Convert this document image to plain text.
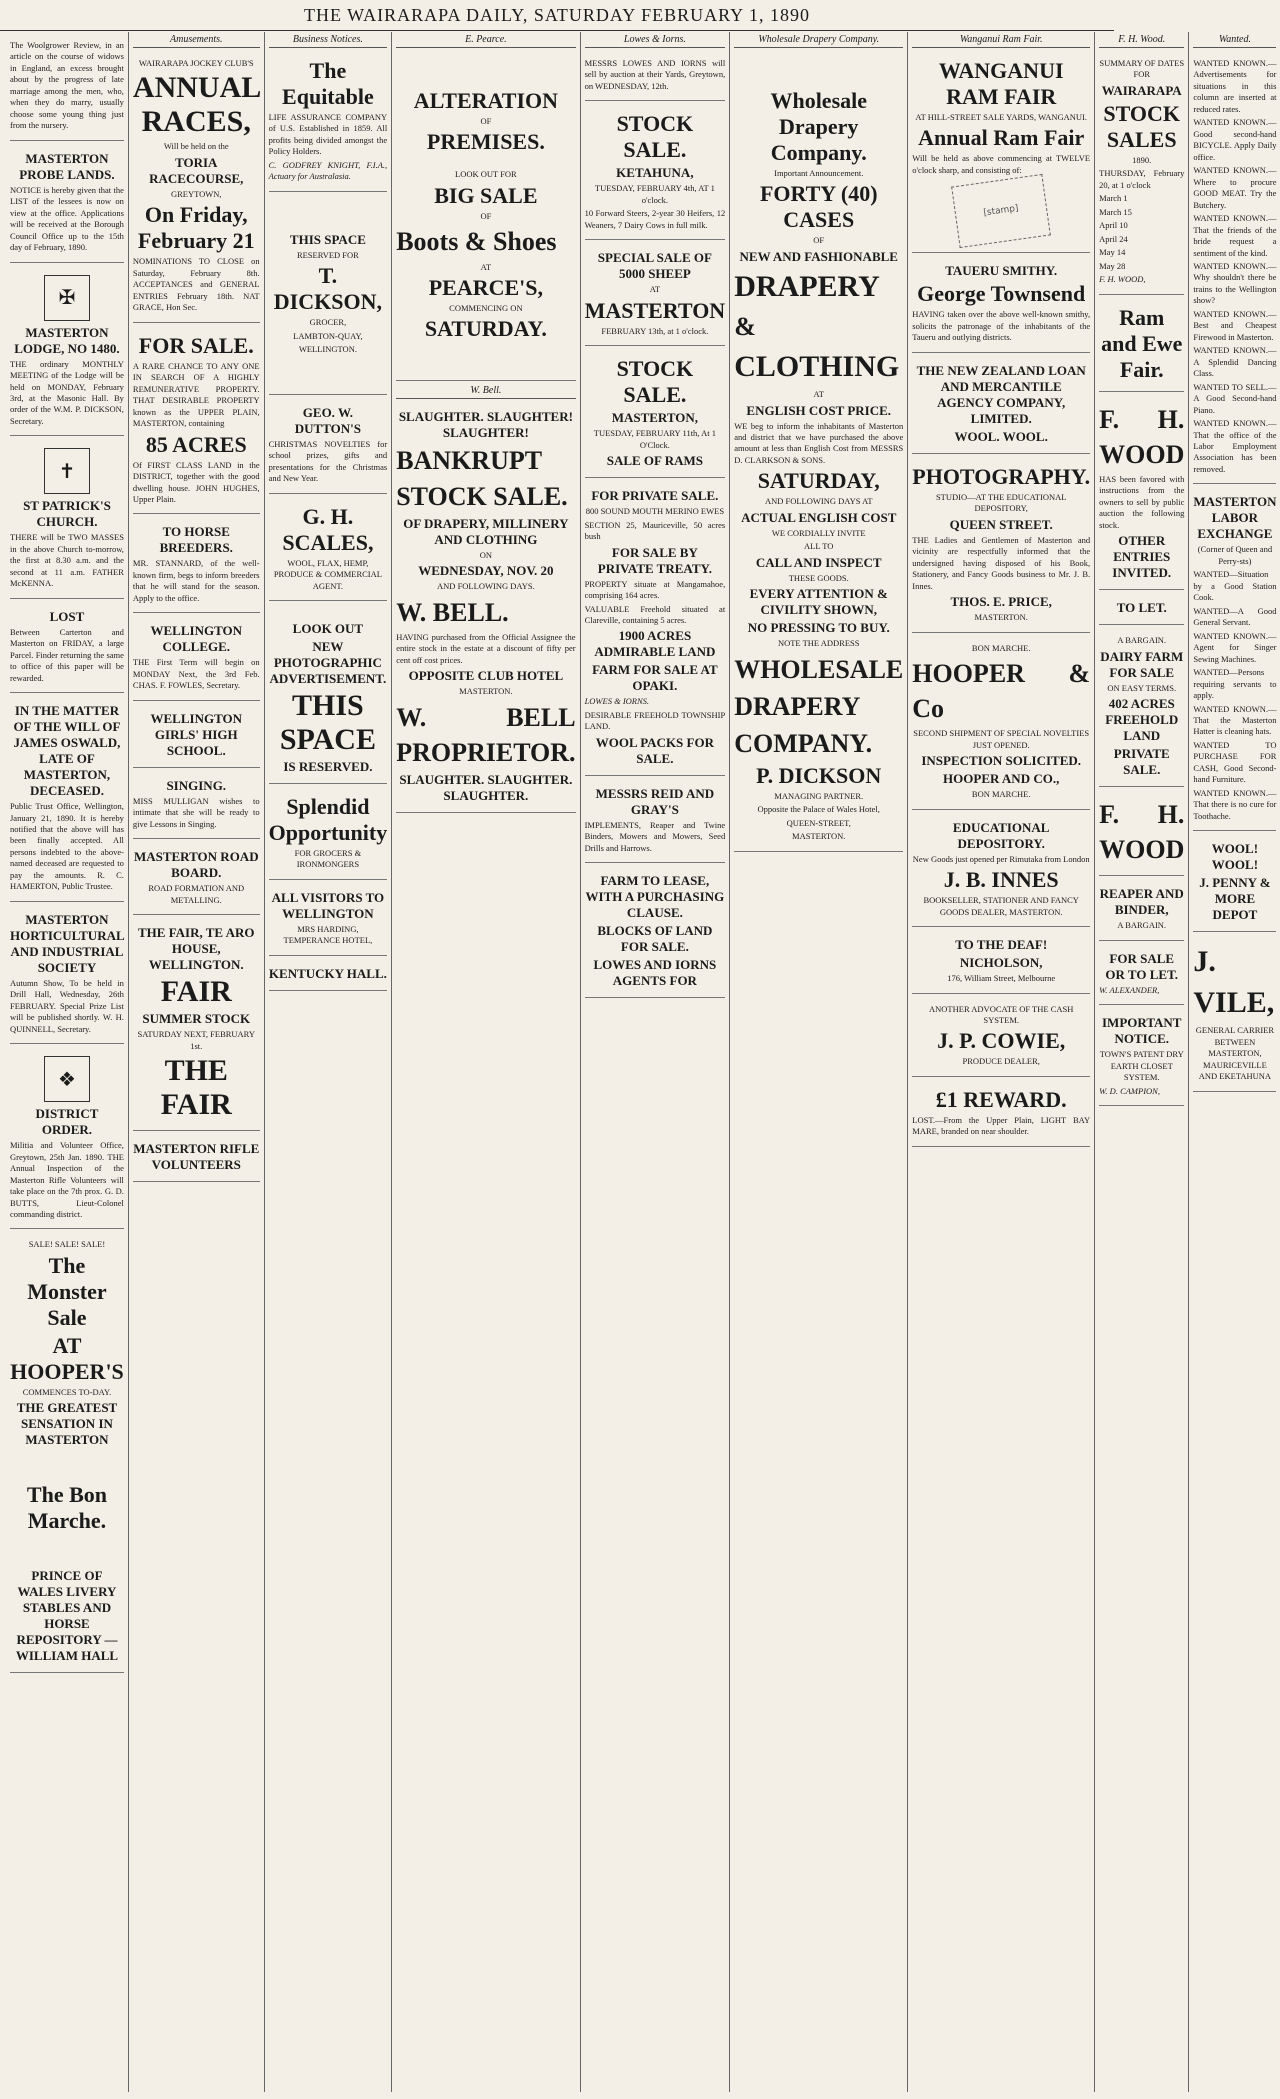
THE WAIRARAPA DAILY, SATURDAY FEBRUARY 1, 1890

The Woolgrower Review, in an article on the course of widows in England, an excess brought about by the progress of late marriage among the men, who, when they do marry, usually choose some young thing just from the nursery.

MASTERTON PROBE LANDS.

NOTICE is hereby given that the LIST of the lessees is now on view at the office. Applications will be received at the Borough Council Office up to the 15th day of February, 1890.

✠
MASTERTON LODGE, NO 1480.

THE ordinary MONTHLY MEETING of the Lodge will be held on MONDAY, February 3rd, at the Masonic Hall. By order of the W.M. P. DICKSON, Secretary.

✝
ST PATRICK'S CHURCH.

THERE will be TWO MASSES in the above Church to-morrow, the first at 8.30 a.m. and the second at 11 a.m. FATHER McKENNA.

LOST

Between Carterton and Masterton on FRIDAY, a large Parcel. Finder returning the same to office of this paper will be rewarded.

IN THE MATTER OF THE WILL OF JAMES OSWALD, LATE OF MASTERTON, DECEASED.

Public Trust Office, Wellington, January 21, 1890. It is hereby notified that the above will has been finally accepted. All persons indebted to the above-named deceased are requested to pay the amounts. R. C. HAMERTON, Public Trustee.

MASTERTON HORTICULTURAL AND INDUSTRIAL SOCIETY

Autumn Show, To be held in Drill Hall, Wednesday, 26th FEBRUARY. Special Prize List will be published shortly. W. H. QUINNELL, Secretary.

❖
DISTRICT ORDER.

Militia and Volunteer Office, Greytown, 25th Jan. 1890. THE Annual Inspection of the Masterton Rifle Volunteers will take place on the 7th prox. G. D. BUTTS, Lieut-Colonel commanding district.

SALE! SALE! SALE!

The Monster Sale
AT HOOPER'S

COMMENCES TO-DAY.

THE GREATEST SENSATION IN MASTERTON
The Bon Marche.
PRINCE OF WALES LIVERY STABLES AND HORSE REPOSITORY — WILLIAM HALL
Amusements.

WAIRARAPA JOCKEY CLUB'S

ANNUAL RACES,

Will be held on the

TORIA RACECOURSE,

GREYTOWN,

On Friday, February 21

NOMINATIONS TO CLOSE on Saturday, February 8th. ACCEPTANCES and GENERAL ENTRIES February 18th. NAT GRACE, Hon Sec.

FOR SALE.

A RARE CHANCE TO ANY ONE IN SEARCH OF A HIGHLY REMUNERATIVE PROPERTY. THAT DESIRABLE PROPERTY known as the UPPER PLAIN, MASTERTON, containing

85 ACRES

Of FIRST CLASS LAND in the DISTRICT, together with the good dwelling house. JOHN HUGHES, Upper Plain.

TO HORSE BREEDERS.

MR. STANNARD, of the well-known firm, begs to inform breeders that he will stand for the season. Apply to the office.

WELLINGTON COLLEGE.

THE First Term will begin on MONDAY Next, the 3rd Feb. CHAS. F. FOWLES, Secretary.

WELLINGTON GIRLS' HIGH SCHOOL.
SINGING.

MISS MULLIGAN wishes to intimate that she will be ready to give Lessons in Singing.

MASTERTON ROAD BOARD.

ROAD FORMATION AND METALLING.

THE FAIR, TE ARO HOUSE, WELLINGTON.
FAIR
SUMMER STOCK

SATURDAY NEXT, FEBRUARY 1st.

THE FAIR
MASTERTON RIFLE VOLUNTEERS
Business Notices.
The Equitable

LIFE ASSURANCE COMPANY of U.S. Established in 1859. All profits being divided amongst the Policy Holders.

C. GODFREY KNIGHT, F.I.A., Actuary for Australasia.

THIS SPACE

RESERVED FOR

T. DICKSON,

GROCER,

LAMBTON-QUAY,

WELLINGTON.

GEO. W. DUTTON'S

CHRISTMAS NOVELTIES for school prizes, gifts and presentations for the Christmas and New Year.

G. H. SCALES,

WOOL, FLAX, HEMP, PRODUCE & COMMERCIAL AGENT.

LOOK OUT
NEW PHOTOGRAPHIC ADVERTISEMENT.
THIS SPACE
IS RESERVED.
Splendid Opportunity

FOR GROCERS & IRONMONGERS

ALL VISITORS TO WELLINGTON

MRS HARDING, TEMPERANCE HOTEL,

KENTUCKY HALL.
E. Pearce.
ALTERATION

OF

PREMISES.

LOOK OUT FOR

BIG SALE

OF

Boots & Shoes

AT

PEARCE'S,

COMMENCING ON

SATURDAY.
W. Bell.
SLAUGHTER. SLAUGHTER! SLAUGHTER!

BANKRUPT STOCK SALE.

OF DRAPERY, MILLINERY AND CLOTHING

ON

WEDNESDAY, NOV. 20

AND FOLLOWING DAYS.

W. BELL.

HAVING purchased from the Official Assignee the entire stock in the estate at a discount of fifty per cent off cost prices.

OPPOSITE CLUB HOTEL

MASTERTON.

W. BELL PROPRIETOR.

SLAUGHTER. SLAUGHTER. SLAUGHTER.
Lowes & Iorns.

MESSRS LOWES AND IORNS will sell by auction at their Yards, Greytown, on WEDNESDAY, 12th.

STOCK SALE.
KETAHUNA,

TUESDAY, FEBRUARY 4th, AT 1 o'clock.

10 Forward Steers, 2-year 30 Heifers, 12 Weaners, 7 Dairy Cows in full milk.

SPECIAL SALE OF 5000 SHEEP

AT

MASTERTON

FEBRUARY 13th, at 1 o'clock.

STOCK SALE.
MASTERTON,

TUESDAY, FEBRUARY 11th, At 1 O'Clock.

SALE OF RAMS
FOR PRIVATE SALE.

800 SOUND MOUTH MERINO EWES

SECTION 25, Mauriceville, 50 acres bush

FOR SALE BY PRIVATE TREATY.

PROPERTY situate at Mangamahoe, comprising 164 acres.

VALUABLE Freehold situated at Clareville, containing 5 acres.

1900 ACRES ADMIRABLE LAND
FARM FOR SALE AT OPAKI.

LOWES & IORNS.

DESIRABLE FREEHOLD TOWNSHIP LAND.

WOOL PACKS FOR SALE.
MESSRS REID AND GRAY'S

IMPLEMENTS, Reaper and Twine Binders, Mowers and Mowers, Seed Drills and Harrows.

FARM TO LEASE, WITH A PURCHASING CLAUSE.
BLOCKS OF LAND FOR SALE.
LOWES AND IORNS AGENTS FOR
Wholesale Drapery Company.
Wholesale Drapery Company.

Important Announcement.

FORTY (40) CASES

OF

NEW AND FASHIONABLE

DRAPERY

&

CLOTHING

AT

ENGLISH COST PRICE.

WE beg to inform the inhabitants of Masterton and district that we have purchased the above amount at less than English Cost from MESSRS D. CLARKSON & SONS.

SATURDAY,

AND FOLLOWING DAYS AT

ACTUAL ENGLISH COST

WE CORDIALLY INVITE

ALL TO

CALL AND INSPECT

THESE GOODS.

EVERY ATTENTION & CIVILITY SHOWN,
NO PRESSING TO BUY.

NOTE THE ADDRESS

WHOLESALE

DRAPERY

COMPANY.

P. DICKSON

MANAGING PARTNER.

Opposite the Palace of Wales Hotel,

QUEEN-STREET,

MASTERTON.

Wanganui Ram Fair.
WANGANUI RAM FAIR

AT HILL-STREET SALE YARDS, WANGANUI.

Annual Ram Fair

Will be held as above commencing at TWELVE o'clock sharp, and consisting of:

[stamp]
TAUERU SMITHY.
George Townsend

HAVING taken over the above well-known smithy, solicits the patronage of the inhabitants of the Taueru and outlying districts.

THE NEW ZEALAND LOAN AND MERCANTILE AGENCY COMPANY, LIMITED.
WOOL. WOOL.
PHOTOGRAPHY.

STUDIO—AT THE EDUCATIONAL DEPOSITORY,

QUEEN STREET.

THE Ladies and Gentlemen of Masterton and vicinity are respectfully informed that the undersigned having disposed of his Book, Stationery, and Fancy Goods business to Mr. J. B. Innes.

THOS. E. PRICE,

MASTERTON.

BON MARCHE.

HOOPER & Co

SECOND SHIPMENT OF SPECIAL NOVELTIES JUST OPENED.

INSPECTION SOLICITED.
HOOPER AND CO.,

BON MARCHE.

EDUCATIONAL DEPOSITORY.

New Goods just opened per Rimutaka from London

J. B. INNES

BOOKSELLER, STATIONER AND FANCY GOODS DEALER, MASTERTON.

TO THE DEAF!
NICHOLSON,

176, William Street, Melbourne

ANOTHER ADVOCATE OF THE CASH SYSTEM.

J. P. COWIE,

PRODUCE DEALER,

£1 REWARD.

LOST.—From the Upper Plain, LIGHT BAY MARE, branded on near shoulder.

F. H. Wood.

SUMMARY OF DATES FOR

WAIRARAPA
STOCK SALES

1890.

THURSDAY, February 20, at 1 o'clock

March 1

March 15

April 10

April 24

May 14

May 28

F. H. WOOD,

Ram and Ewe Fair.

F. H. WOOD

HAS been favored with instructions from the owners to sell by public auction the following stock.

OTHER ENTRIES INVITED.
TO LET.

A BARGAIN.

DAIRY FARM FOR SALE

ON EASY TERMS.

402 ACRES FREEHOLD LAND
PRIVATE SALE.

F. H. WOOD

REAPER AND BINDER,

A BARGAIN.

FOR SALE OR TO LET.

W. ALEXANDER,

IMPORTANT NOTICE.

TOWN'S PATENT DRY EARTH CLOSET SYSTEM.

W. D. CAMPION,

Wanted.

WANTED KNOWN.—Advertisements for situations in this column are inserted at reduced rates.

WANTED KNOWN.—Good second-hand BICYCLE. Apply Daily office.

WANTED KNOWN.—Where to procure GOOD MEAT. Try the Butchery.

WANTED KNOWN.—That the friends of the bride request a sentiment of the kind.

WANTED KNOWN.—Why shouldn't there be trains to the Wellington show?

WANTED KNOWN.—Best and Cheapest Firewood in Masterton.

WANTED KNOWN.—A Splendid Dancing Class.

WANTED TO SELL.—A Good Second-hand Piano.

WANTED KNOWN.—That the office of the Labor Employment Association has been removed.

MASTERTON LABOR EXCHANGE

(Corner of Queen and Perry-sts)

WANTED—Situation by a Good Station Cook.

WANTED—A Good General Servant.

WANTED KNOWN.—Agent for Singer Sewing Machines.

WANTED—Persons requiring servants to apply.

WANTED KNOWN.—That the Masterton Hatter is cleaning hats.

WANTED TO PURCHASE FOR CASH, Good Second-hand Furniture.

WANTED KNOWN.—That there is no cure for Toothache.

WOOL! WOOL!
J. PENNY & MORE DEPOT

J. VILE,

GENERAL CARRIER BETWEEN MASTERTON, MAURICEVILLE AND EKETAHUNA
